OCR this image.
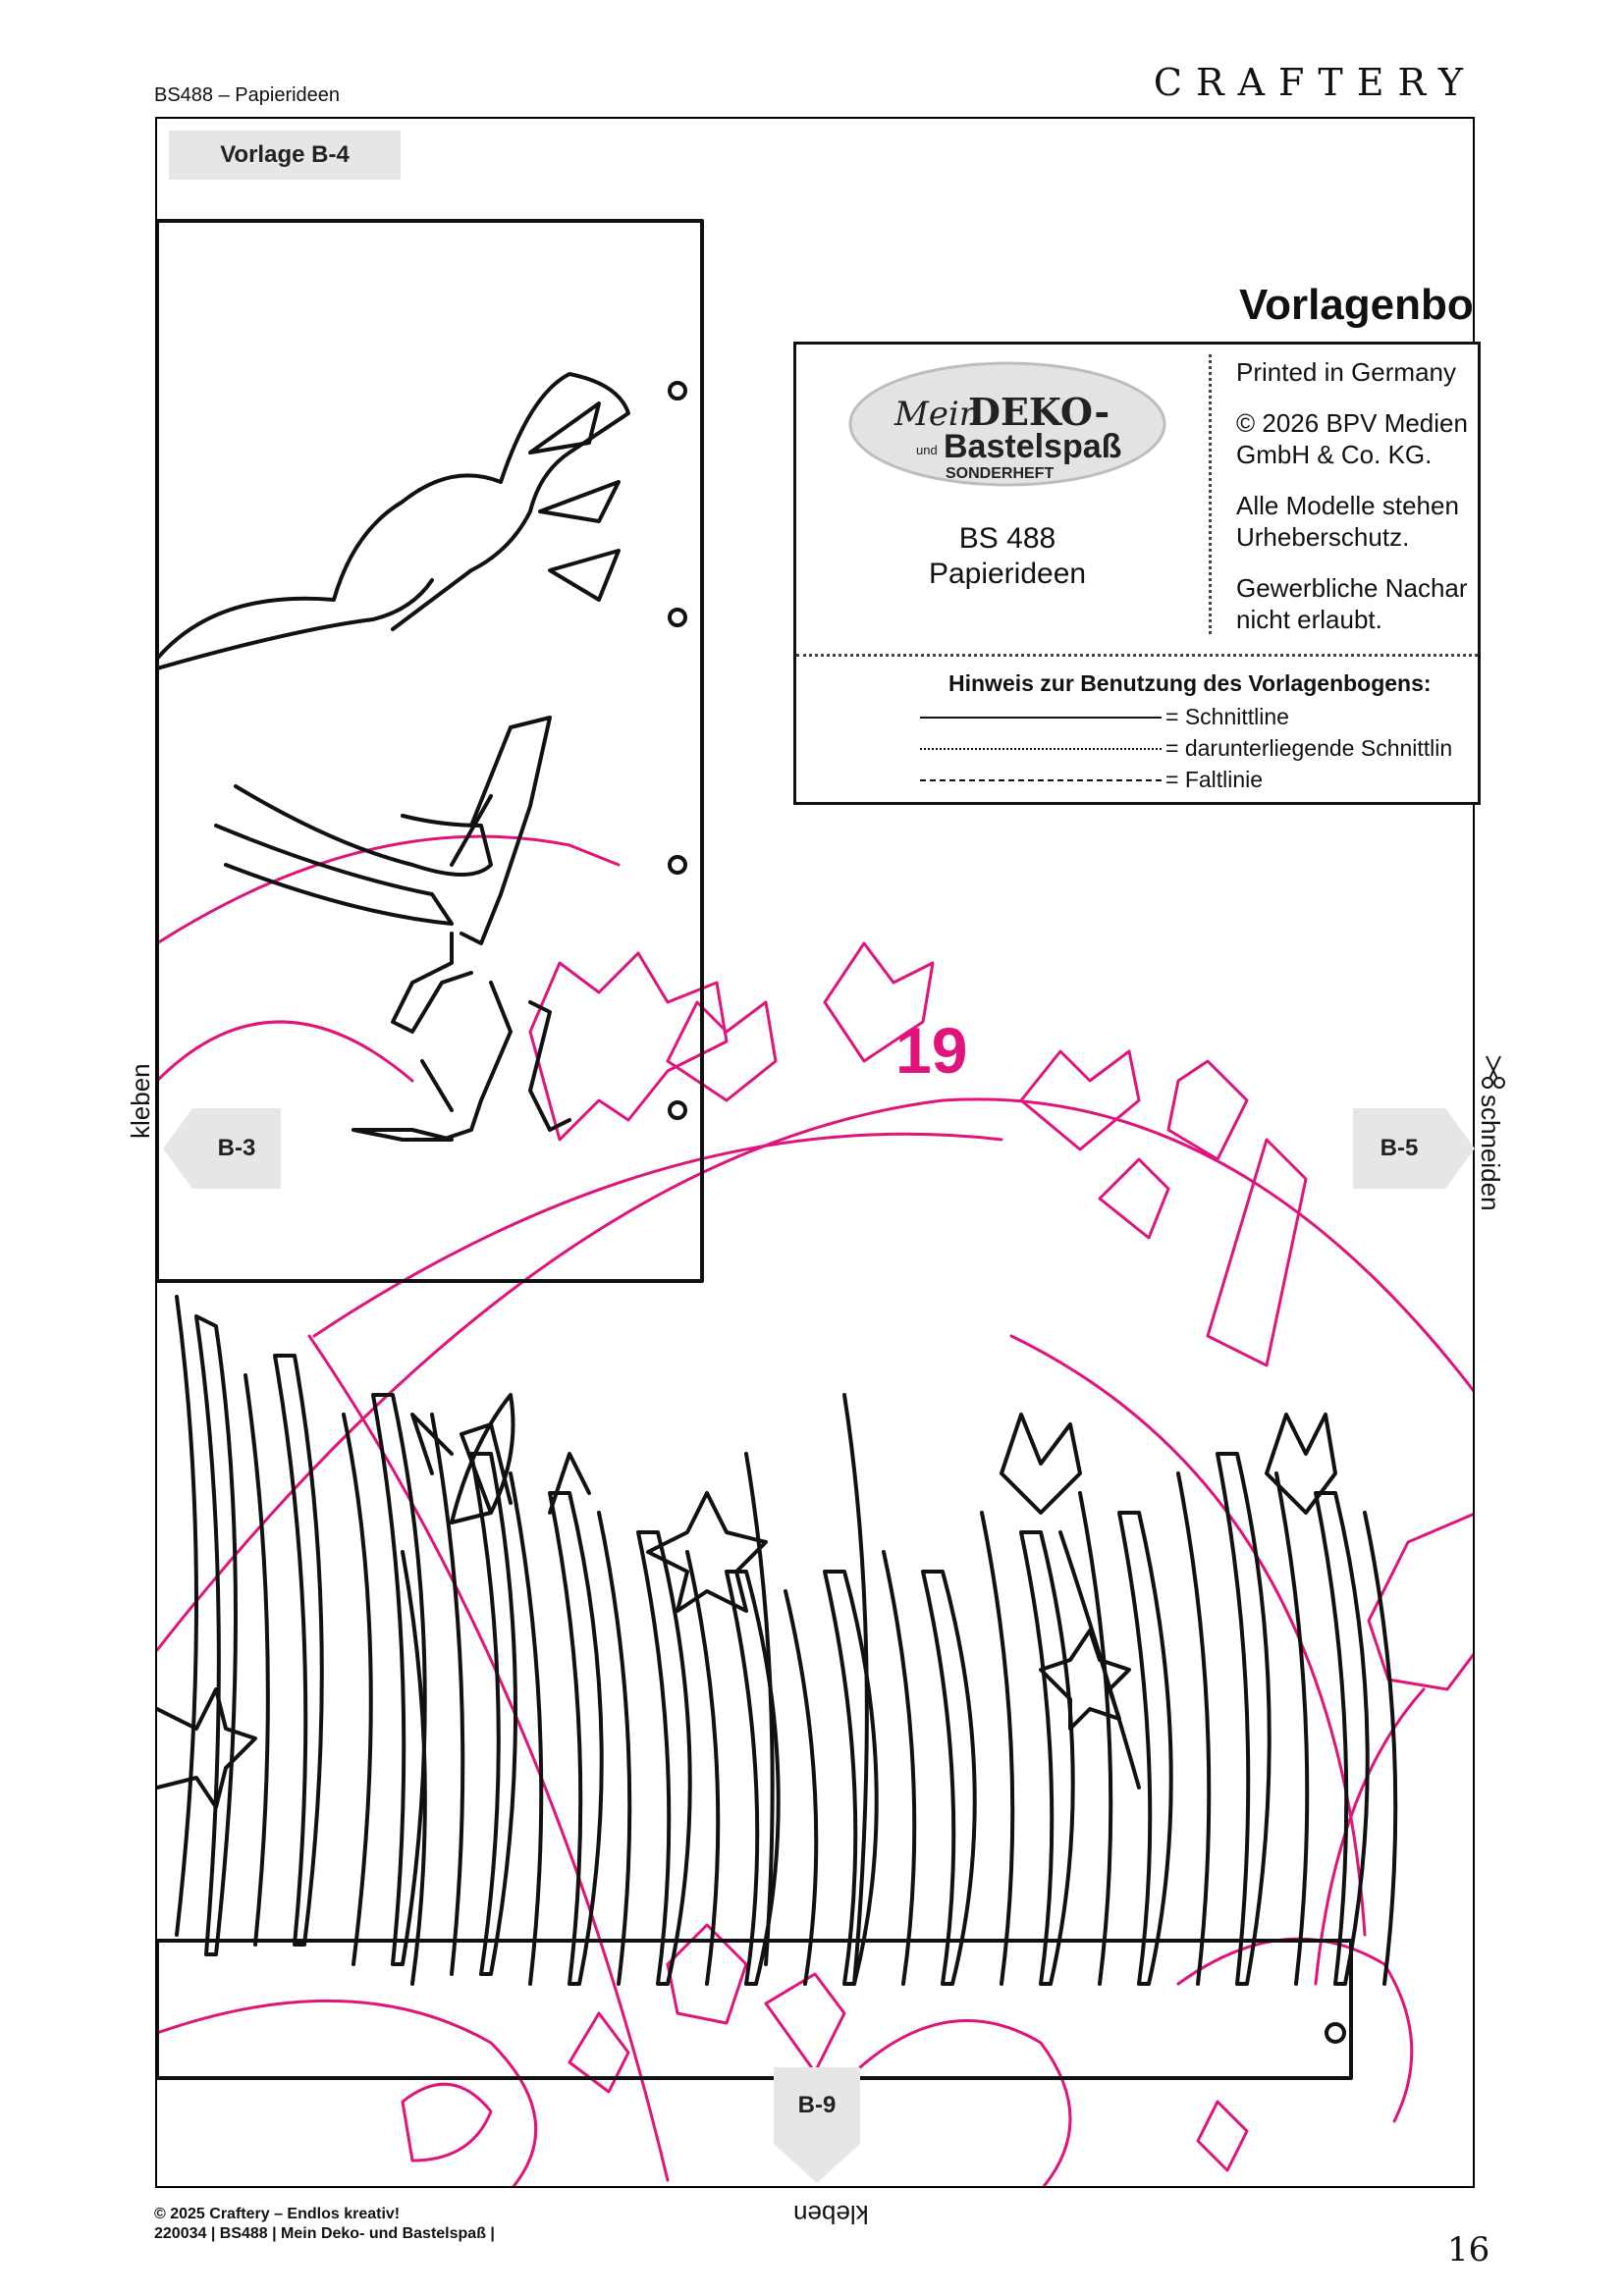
BS488 – Papierideen	CRAFTERY
Vorlage B-4
Vorlagenbo
Mein
DEKO-
und Bastelspaß
SONDERHEFT
BS 488
Papierideen
Printed in Germany
© 2026 BPV Medien
GmbH & Co. KG.
Alle Modelle stehen
Urheberschutz.
Gewerbliche Nachar
nicht erlaubt.
Hinweis zur Benutzung des Vorlagenbogens:
= Schnittline
= darunterliegende Schnittlin
= Faltlinie
19
B-3	B-5
B-9
kleben	schneiden
kleben
© 2025 Craftery – Endlos kreativ!
220034 | BS488 | Mein Deko- und Bastelspaß |	16
